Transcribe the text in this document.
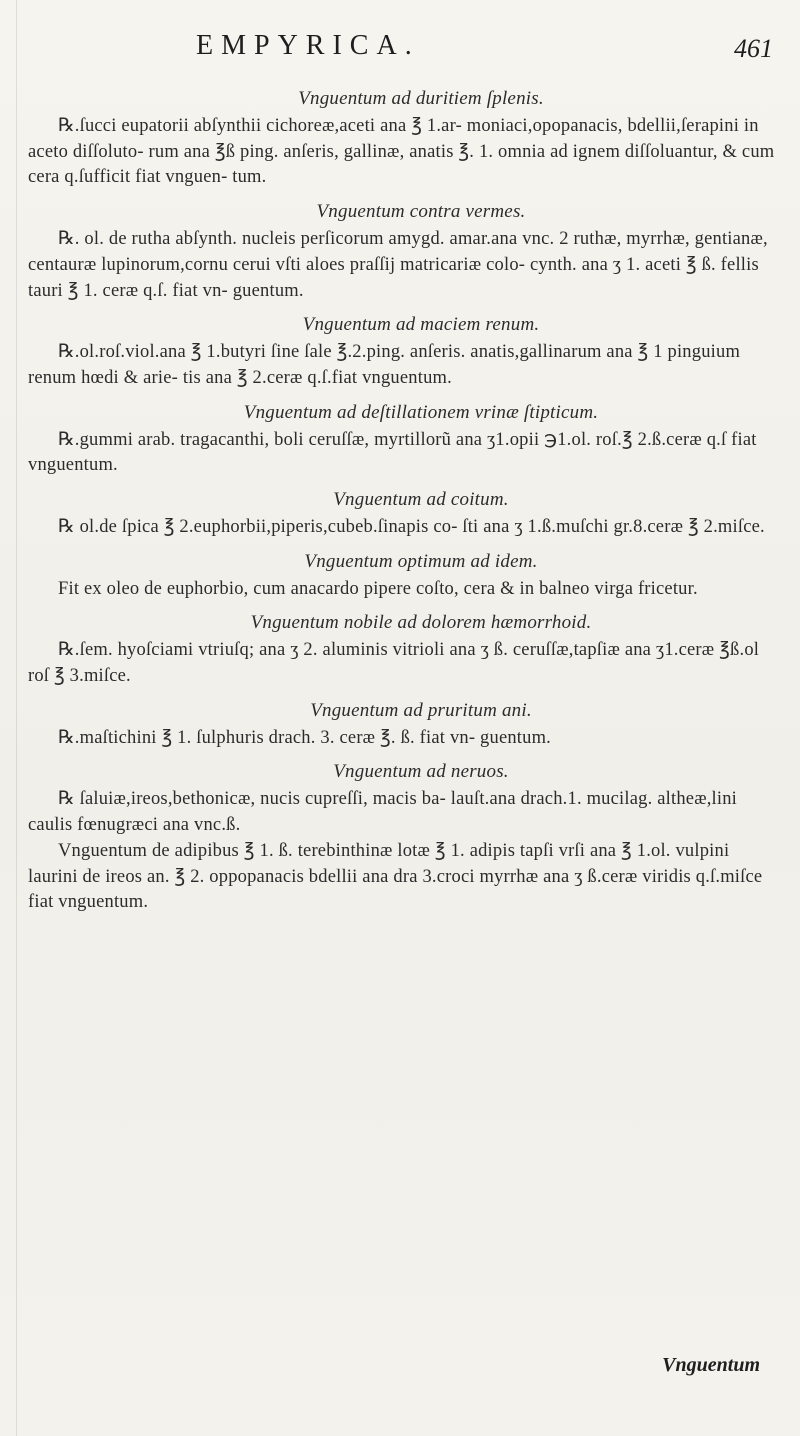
EMPYRICA.	461
Vnguentum ad duritiem ſplenis.

℞.ſucci eupatorii abſynthii cichoreæ,aceti ana ℥ 1.ar- moniaci,opopanacis, bdellii,ſerapini in aceto diſſoluto- rum ana ℥ß ping. anſeris, gallinæ, anatis ℥. 1. omnia ad ignem diſſoluantur, & cum cera q.ſufficit fiat vnguen- tum.

Vnguentum contra vermes.

℞. ol. de rutha abſynth. nucleis perſicorum amygd. amar.ana vnc. 2 ruthæ, myrrhæ, gentianæ, centauræ lupinorum,cornu cerui vſti aloes praſſij matricariæ colo- cynth. ana ʒ 1. aceti ℥ ß. fellis tauri ℥ 1. ceræ q.ſ. fiat vn- guentum.

Vnguentum ad maciem renum.

℞.ol.roſ.viol.ana ℥ 1.butyri ſine ſale ℥.2.ping. anſeris. anatis,gallinarum ana ℥ 1 pinguium renum hœdi & arie- tis ana ℥ 2.ceræ q.ſ.fiat vnguentum.

Vnguentum ad deſtillationem vrinæ ſtipticum.

℞.gummi arab. tragacanthi, boli ceruſſæ, myrtillorũ ana ʒ1.opii ℈1.ol. roſ.℥ 2.ß.ceræ q.ſ fiat vnguentum.

Vnguentum ad coitum.

℞ ol.de ſpica ℥ 2.euphorbii,piperis,cubeb.ſinapis co- ſti ana ʒ 1.ß.muſchi gr.8.ceræ ℥ 2.miſce.

Vnguentum optimum ad idem.

Fit ex oleo de euphorbio, cum anacardo pipere coſto, cera & in balneo virga fricetur.

Vnguentum nobile ad dolorem hæmorrhoid.

℞.ſem. hyoſciami vtriuſq; ana ʒ 2. aluminis vitrioli ana ʒ ß. ceruſſæ,tapſiæ ana ʒ1.ceræ ℥ß.ol roſ ℥ 3.miſce.

Vnguentum ad pruritum ani.

℞.maſtichini ℥ 1. ſulphuris drach. 3. ceræ ℥. ß. fiat vn- guentum.

Vnguentum ad neruos.

℞ ſaluiæ,ireos,bethonicæ, nucis cupreſſi, macis ba- lauſt.ana drach.1. mucilag. altheæ,lini caulis fœnugræci ana vnc.ß.

Vnguentum de adipibus ℥ 1. ß. terebinthinæ lotæ ℥ 1. adipis tapſi vrſi ana ℥ 1.ol. vulpini laurini de ireos an. ℥ 2. oppopanacis bdellii ana dra 3.croci myrrhæ ana ʒ ß.ceræ viridis q.ſ.miſce fiat vnguentum.

Vnguentum
